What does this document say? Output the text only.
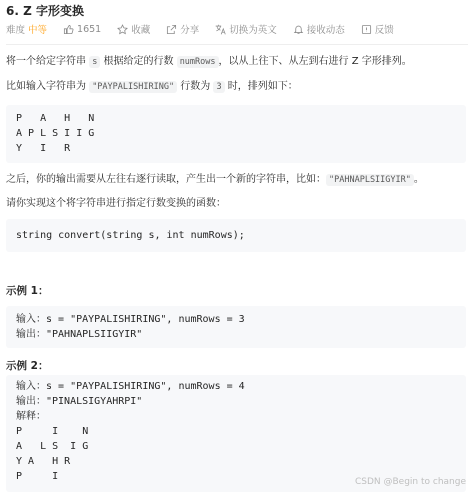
6. Z 字形变换
难度 中等	1651	收藏	分享	切换为英文	接收动态	反馈
将一个给定字符串 s 根据给定的行数 numRows ，以从上往下、从左到右进行 Z 字形排列。
比如输入字符串为 "PAYPALISHIRING" 行数为 3 时，排列如下：
P   A   H   N
A P L S I I G
Y   I   R
之后，你的输出需要从左往右逐行读取，产生出一个新的字符串，比如： "PAHNAPLSIIGYIR" 。
请你实现这个将字符串进行指定行数变换的函数：
string convert(string s, int numRows);
示例 1：
输入：s = "PAYPALISHIRING", numRows = 3
输出："PAHNAPLSIIGYIR"
示例 2：
输入：s = "PAYPALISHIRING", numRows = 4
输出："PINALSIGYAHRPI"
解释：
P     I    N
A   L S  I G
Y A   H R
P     I	CSDN @Begin to change
